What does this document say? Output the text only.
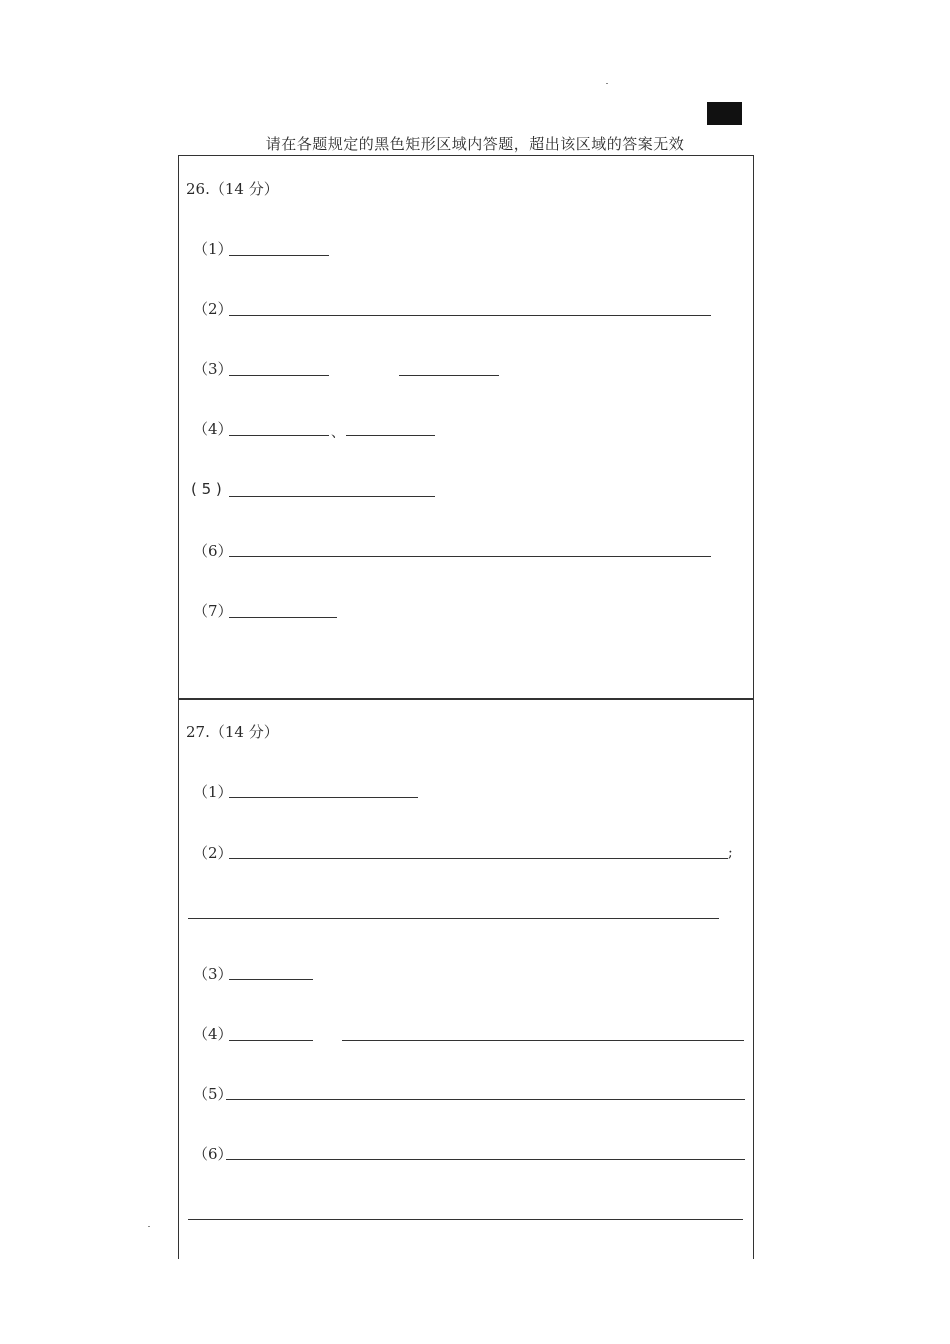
请在各题规定的黑色矩形区域内答题，超出该区域的答案无效
26.（14 分）
（1）
（2）
（3）
（4）	、
( 5 )
（6）
（7）
27.（14 分）
（1）
（2）	;
（3）
（4）
（5）
（6）
